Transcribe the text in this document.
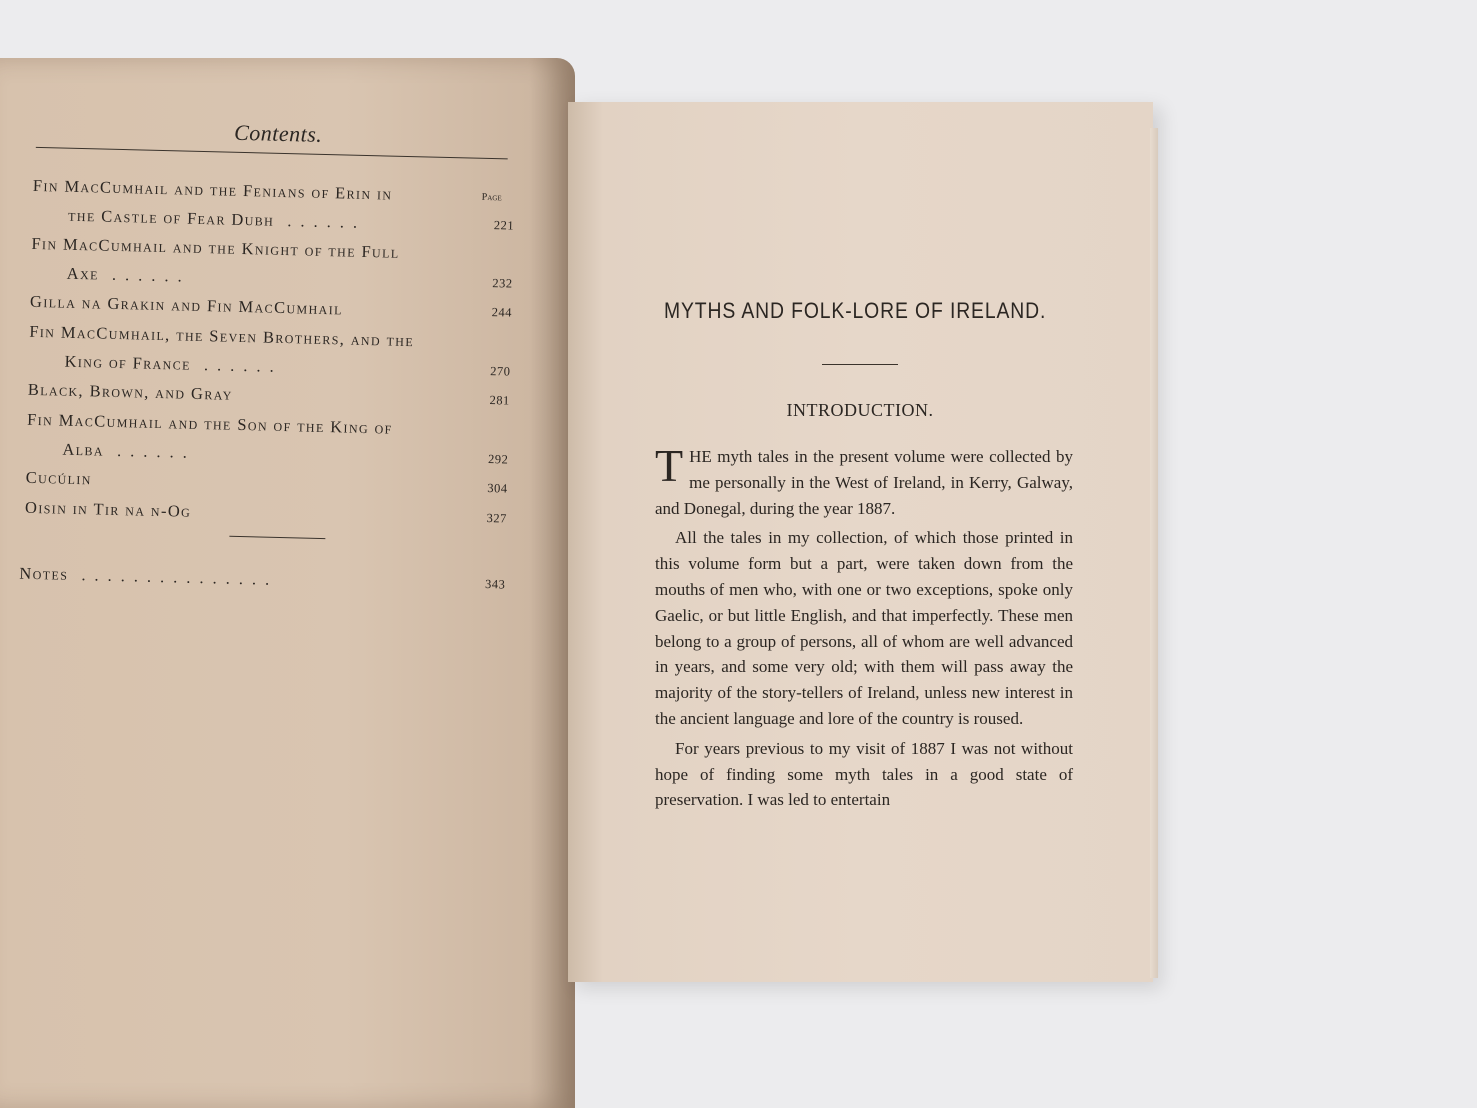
Contents.
Page
Fin MacCumhail and the Fenians of Erin in
the Castle of Fear Dubh ......	221
Fin MacCumhail and the Knight of the Full
Axe ......	232
Gilla na Grakin and Fin MacCumhail	244
Fin MacCumhail, the Seven Brothers, and the
King of France ......	270
Black, Brown, and Gray	281
Fin MacCumhail and the Son of the King of
Alba ......	292
Cucúlin	304
Oisin in Tir na n-Og	327
Notes ...............	343
MYTHS AND FOLK-LORE OF IRELAND.
INTRODUCTION.

THE myth tales in the present volume were collected by me personally in the West of Ireland, in Kerry, Galway, and Donegal, during the year 1887.

All the tales in my collection, of which those printed in this volume form but a part, were taken down from the mouths of men who, with one or two exceptions, spoke only Gaelic, or but little English, and that imperfectly. These men belong to a group of persons, all of whom are well advanced in years, and some very old; with them will pass away the majority of the story-tellers of Ireland, unless new interest in the ancient language and lore of the country is roused.

For years previous to my visit of 1887 I was not without hope of finding some myth tales in a good state of preservation. I was led to entertain
